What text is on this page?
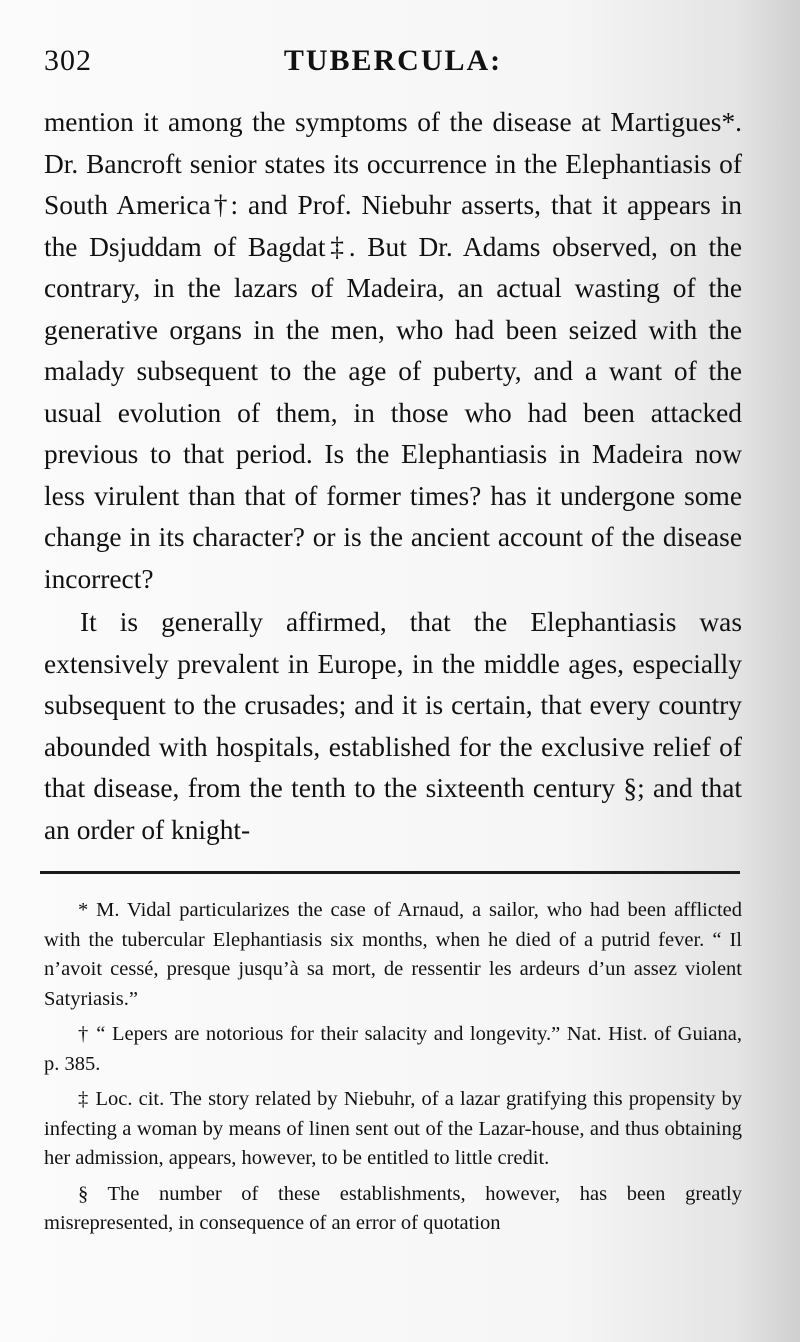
302	TUBERCULA:

mention it among the symptoms of the disease at Martigues*. Dr. Bancroft senior states its occurrence in the Elephantiasis of South America†: and Prof. Niebuhr asserts, that it appears in the Dsjuddam of Bagdat‡. But Dr. Adams observed, on the contrary, in the lazars of Madeira, an actual wasting of the generative organs in the men, who had been seized with the malady subsequent to the age of puberty, and a want of the usual evolution of them, in those who had been attacked previous to that period. Is the Elephantiasis in Madeira now less virulent than that of former times? has it undergone some change in its character? or is the ancient account of the disease incorrect?

It is generally affirmed, that the Elephantiasis was extensively prevalent in Europe, in the middle ages, especially subsequent to the crusades; and it is certain, that every country abounded with hospitals, established for the exclusive relief of that disease, from the tenth to the sixteenth century §; and that an order of knight-

* M. Vidal particularizes the case of Arnaud, a sailor, who had been afflicted with the tubercular Elephantiasis six months, when he died of a putrid fever. “ Il n’avoit cessé, presque jusqu’à sa mort, de ressentir les ardeurs d’un assez violent Satyriasis.”

† “ Lepers are notorious for their salacity and longevity.” Nat. Hist. of Guiana, p. 385.

‡ Loc. cit. The story related by Niebuhr, of a lazar gratifying this propensity by infecting a woman by means of linen sent out of the Lazar-house, and thus obtaining her admission, appears, however, to be entitled to little credit.

§ The number of these establishments, however, has been greatly misrepresented, in consequence of an error of quotation
